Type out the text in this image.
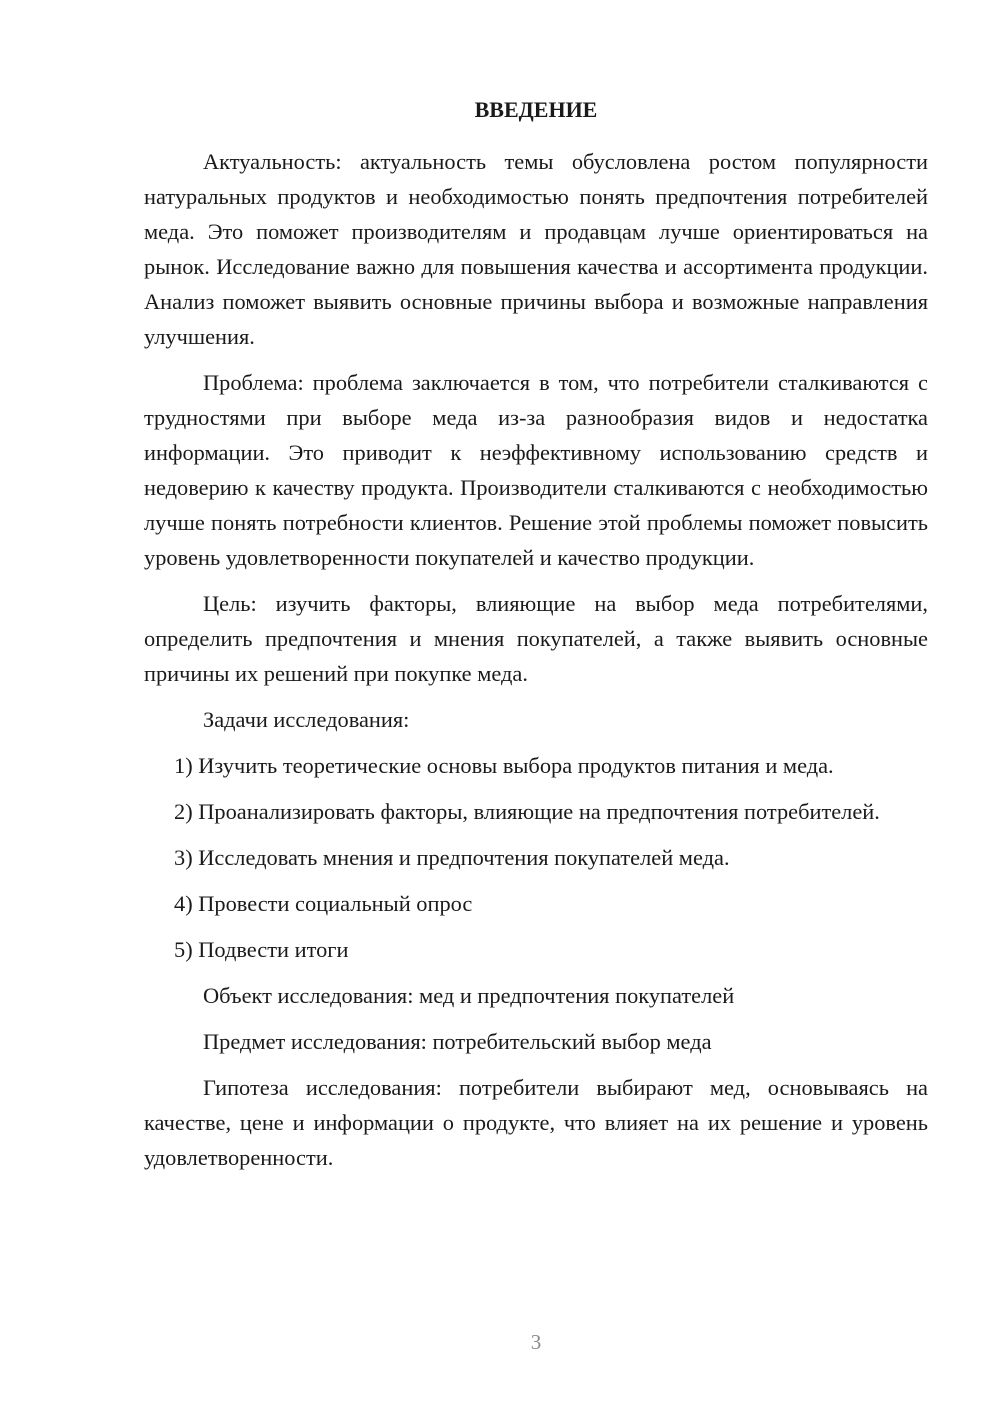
ВВЕДЕНИЕ

Актуальность: актуальность темы обусловлена ростом популярности натуральных продуктов и необходимостью понять предпочтения потребителей меда. Это поможет производителям и продавцам лучше ориентироваться на рынок. Исследование важно для повышения качества и ассортимента продукции. Анализ поможет выявить основные причины выбора и возможные направления улучшения.

Проблема: проблема заключается в том, что потребители сталкиваются с трудностями при выборе меда из-за разнообразия видов и недостатка информации. Это приводит к неэффективному использованию средств и недоверию к качеству продукта. Производители сталкиваются с необходимостью лучше понять потребности клиентов. Решение этой проблемы поможет повысить уровень удовлетворенности покупателей и качество продукции.

Цель: изучить факторы, влияющие на выбор меда потребителями, определить предпочтения и мнения покупателей, а также выявить основные причины их решений при покупке меда.

Задачи исследования:

1) Изучить теоретические основы выбора продуктов питания и меда.

2) Проанализировать факторы, влияющие на предпочтения потребителей.

3) Исследовать мнения и предпочтения покупателей меда.

4) Провести социальный опрос

5) Подвести итоги

Объект исследования: мед и предпочтения покупателей

Предмет исследования: потребительский выбор меда

Гипотеза исследования: потребители выбирают мед, основываясь на качестве, цене и информации о продукте, что влияет на их решение и уровень удовлетворенности.

3
